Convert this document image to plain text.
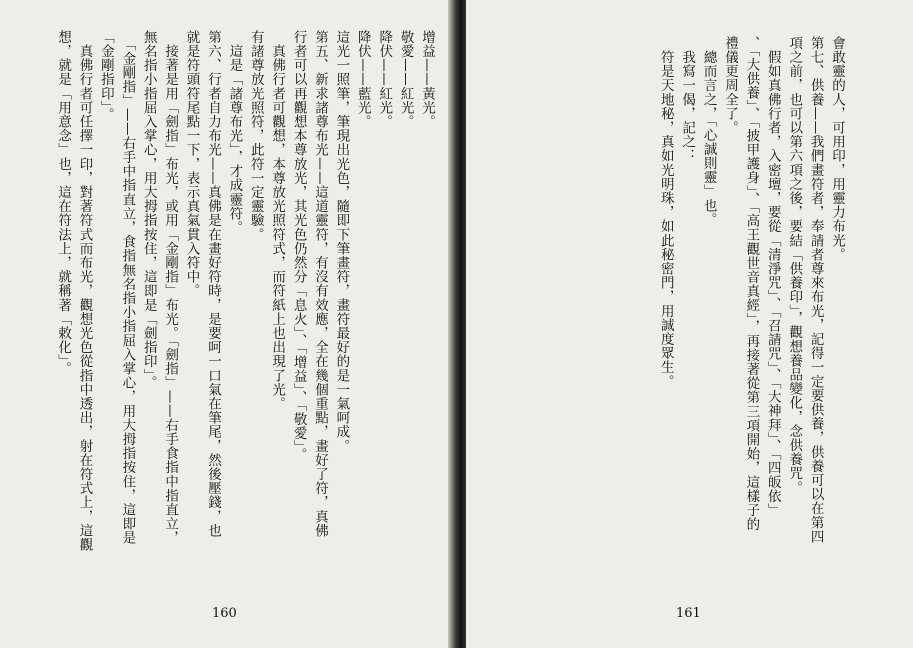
增益——黃光。
敬愛——紅光。
降伏——紅光。
降伏——藍光。
這光一照筆，筆現出光色，隨即下筆畫符，畫符最好的是一氣呵成。
第五、新求諸尊布光——這道靈符，有沒有效應，全在幾個重點，畫好了符，真佛
行者可以再觀想本尊放光，其光色仍然分「息火」、「增益」、「敬愛」。
　真佛行者可觀想，本尊放光照符式，而符紙上也出現了光。
有諸尊放光照符，此符一定靈驗。
　這是「諸尊布光」，才成靈符。
第六、行者自力布光——真佛是在畫好符時，是要呵一口氣在筆尾，然後壓錢，也
就是符頭符尾點一下，表示真氣貫入符中。
　接著是用「劍指」布光，或用「金剛指」布光。「劍指」——右手食指中指直立，
無名指小指屈入掌心，用大拇指按住，這即是「劍指印」。
　「金剛指」——右手中指直立，食指無名指小指屈入掌心，用大拇指按住，這即是
「金剛指印」。
　真佛行者可任擇一印，對著符式而布光，觀想光色從指中透出，射在符式上，這觀
想，就是「用意念」也，這在符法上，就稱著「敕化」。
160
會敢靈的人，可用印，用靈力布光。
第七、供養——我們畫符者，奉請者尊來布光，記得一定要供養，供養可以在第四
項之前，也可以第六項之後，要結「供養印」，觀想養品變化，念供養咒。
　假如真佛行者，入密壇，要從「清淨咒」、「召請咒」、「大神拜」、「四皈依」
、「大供養」、「披甲護身」、「高王觀世音真經」，再接著從第三項開始，這樣子的
禮儀更周全了。
　總而言之，「心誠則靈」也。
　我寫一偈，記之：
　符是天地秘，真如光明珠，如此秘密門，用誠度眾生。
161
